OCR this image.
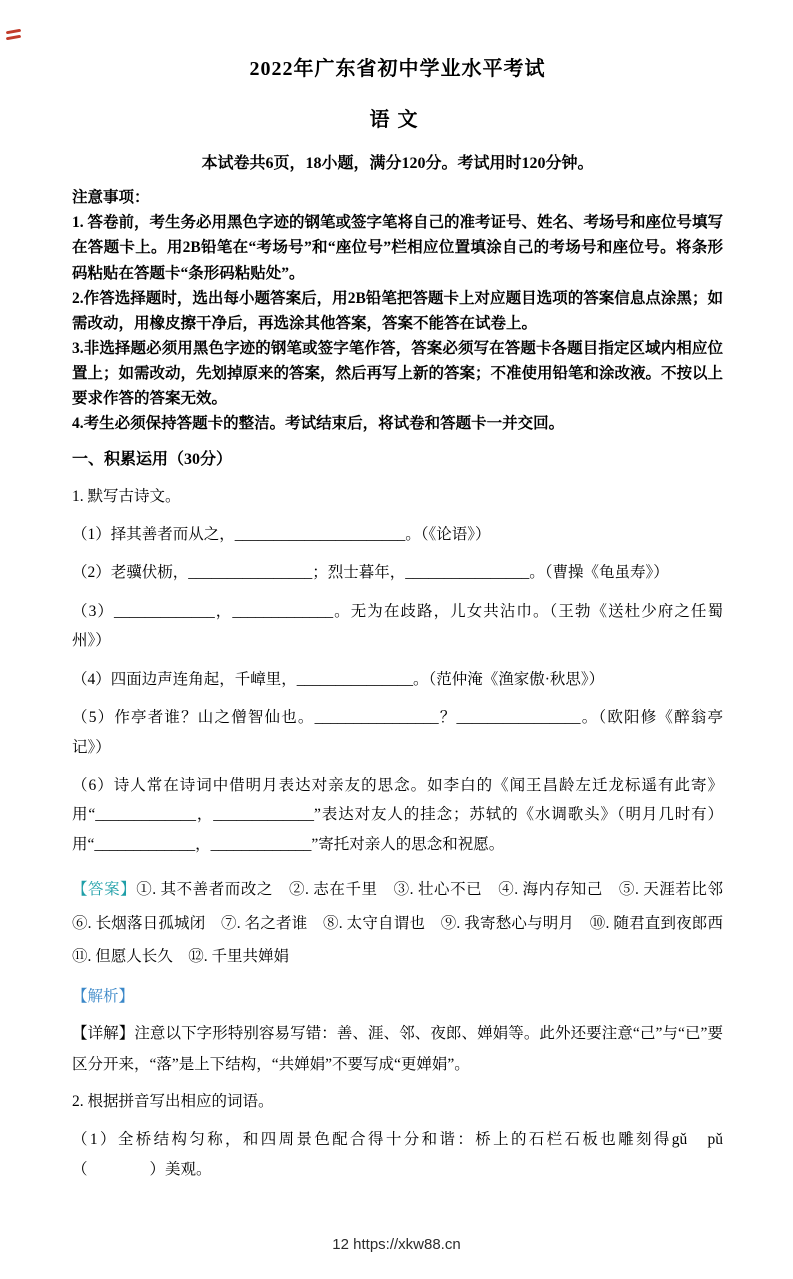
2022年广东省初中学业水平考试
语文
本试卷共6页，18小题，满分120分。考试用时120分钟。

注意事项：

1. 答卷前，考生务必用黑色字迹的钢笔或签字笔将自己的准考证号、姓名、考场号和座位号填写在答题卡上。用2B铅笔在“考场号”和“座位号”栏相应位置填涂自己的考场号和座位号。将条形码粘贴在答题卡“条形码粘贴处”。

2.作答选择题时，选出每小题答案后，用2B铅笔把答题卡上对应题目选项的答案信息点涂黑；如需改动，用橡皮擦干净后，再选涂其他答案，答案不能答在试卷上。

3.非选择题必须用黑色字迹的钢笔或签字笔作答，答案必须写在答题卡各题目指定区域内相应位置上；如需改动，先划掉原来的答案，然后再写上新的答案；不准使用铅笔和涂改液。不按以上要求作答的答案无效。

4.考生必须保持答题卡的整洁。考试结束后，将试卷和答题卡一并交回。

一、积累运用（30分）

1. 默写古诗文。

（1）择其善者而从之，______________________。（《论语》）

（2）老骥伏枥，________________；烈士暮年，________________。（曹操《龟虽寿》）

（3）_____________，_____________。无为在歧路，儿女共沾巾。（王勃《送杜少府之任蜀州》）

（4）四面边声连角起，千嶂里，_______________。（范仲淹《渔家傲·秋思》）

（5）作亭者谁？山之僧智仙也。________________？________________。（欧阳修《醉翁亭记》）

（6）诗人常在诗词中借明月表达对亲友的思念。如李白的《闻王昌龄左迁龙标遥有此寄》用“_____________，_____________”表达对友人的挂念；苏轼的《水调歌头》（明月几时有）用“_____________，_____________”寄托对亲人的思念和祝愿。

【答案】①. 其不善者而改之　②. 志在千里　③. 壮心不已　④. 海内存知己　⑤. 天涯若比邻　⑥. 长烟落日孤城闭　⑦. 名之者谁　⑧. 太守自谓也　⑨. 我寄愁心与明月　⑩. 随君直到夜郎西　⑪. 但愿人长久　⑫. 千里共婵娟

【解析】

【详解】注意以下字形特别容易写错：善、涯、邻、夜郎、婵娟等。此外还要注意“己”与“已”要区分开来，“落”是上下结构，“共婵娟”不要写成“更婵娟”。

2. 根据拼音写出相应的词语。

（1）全桥结构匀称，和四周景色配合得十分和谐：桥上的石栏石板也雕刻得gǔ　pǔ（　　　　）美观。

12 https://xkw88.cn
